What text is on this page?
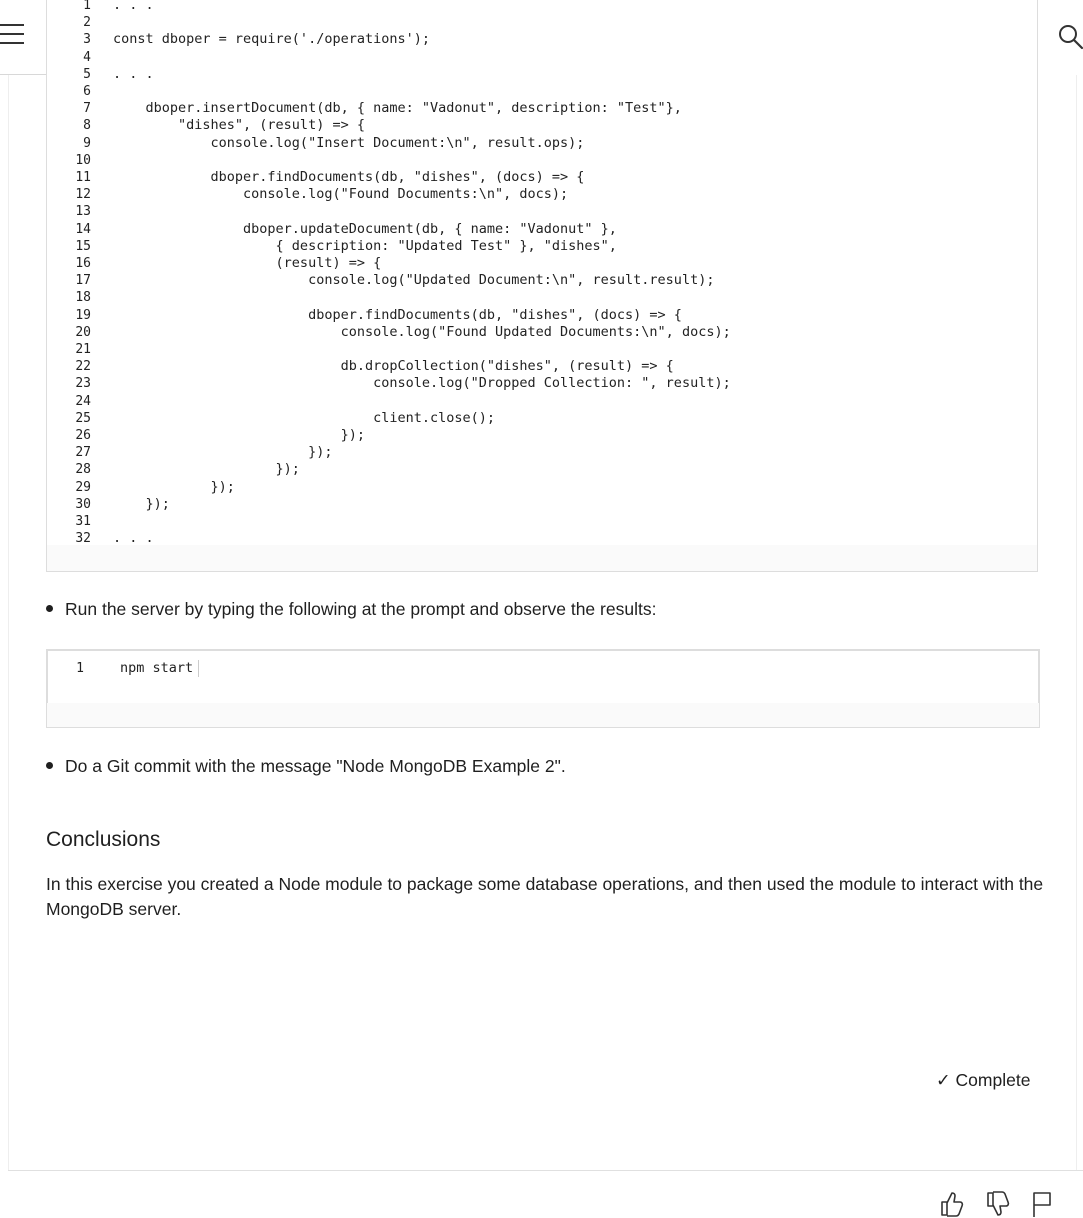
1 . . .
2
3 const dboper = require('./operations');
4
5 . . .
6
7 dboper.insertDocument(db, { name: "Vadonut", description: "Test"},
8 "dishes", (result) => {
9 console.log("Insert Document:\n", result.ops);
10
11 dboper.findDocuments(db, "dishes", (docs) => {
12 console.log("Found Documents:\n", docs);
13
14 dboper.updateDocument(db, { name: "Vadonut" },
15 { description: "Updated Test" }, "dishes",
16 (result) => {
17 console.log("Updated Document:\n", result.result);
18
19 dboper.findDocuments(db, "dishes", (docs) => {
20 console.log("Found Updated Documents:\n", docs);
21
22 db.dropCollection("dishes", (result) => {
23 console.log("Dropped Collection: ", result);
24
25 client.close();
26 });
27 });
28 });
29 });
30 });
31
32 . . .
Run the server by typing the following at the prompt and observe the results:
1	npm start
Do a Git commit with the message "Node MongoDB Example 2".
Conclusions
In this exercise you created a Node module to package some database operations, and then used the module to interact with the MongoDB server.
✓ Complete
